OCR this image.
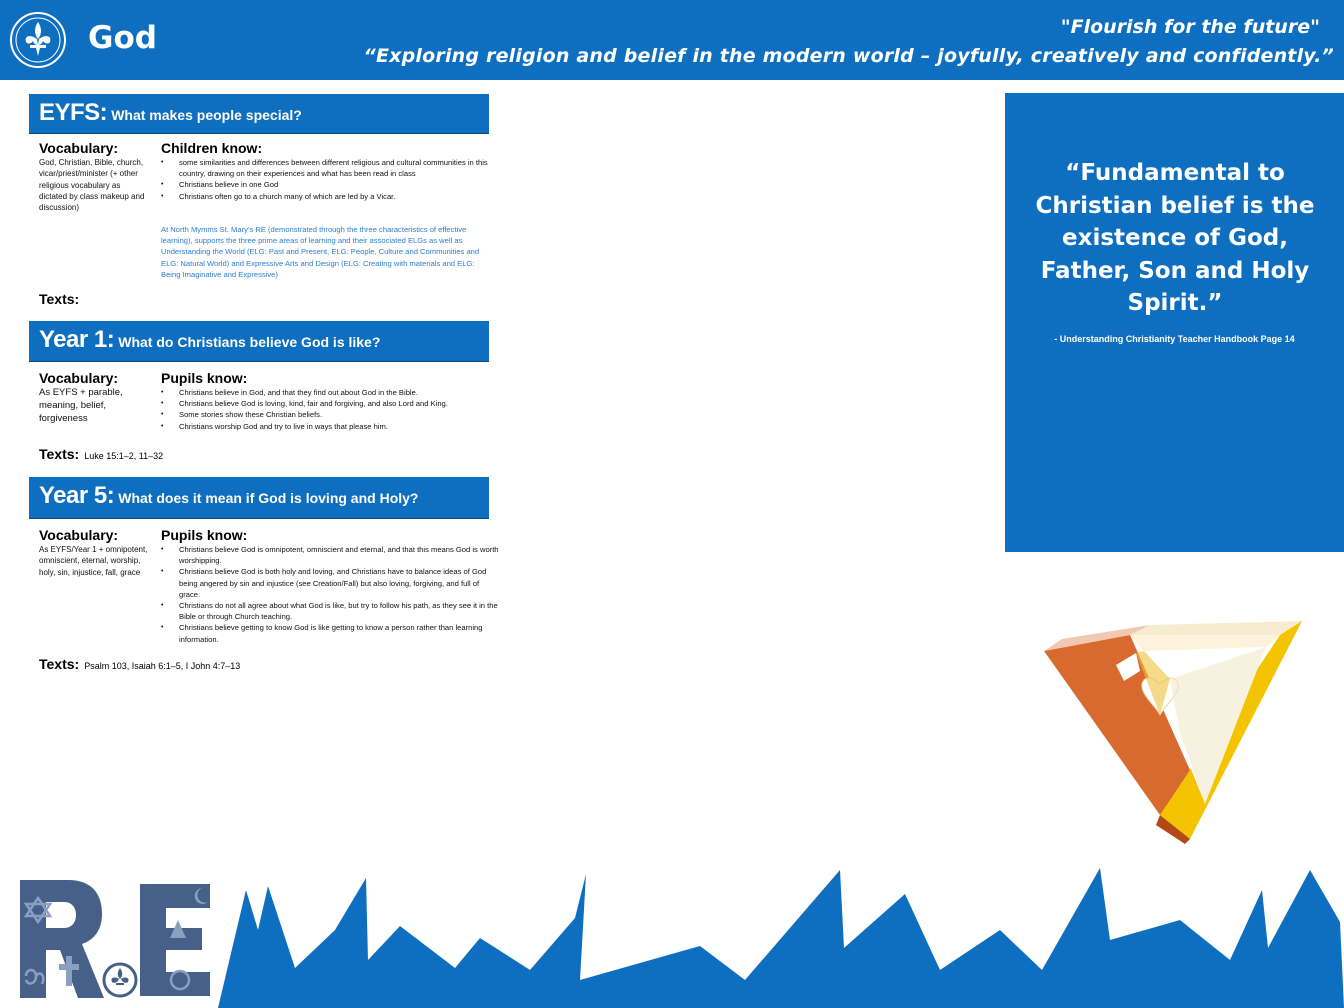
God	"Flourish for the future"
“Exploring religion and belief in the modern world – joyfully, creatively and confidently.”
EYFS: What makes people special?
Vocabulary:	Children know:
God, Christian, Bible, church, vicar/priest/minister (+ other religious vocabulary as dictated by class makeup and discussion)
• some similarities and differences between different religious and cultural communities in this country, drawing on their experiences and what has been read in class
• Christians believe in one God
• Christians often go to a church many of which are led by a Vicar.
At North Mymms St. Mary’s RE (demonstrated through the three characteristics of effective learning), supports the three prime areas of learning and their associated ELGs as well as Understanding the World (ELG: Past and Present, ELG: People, Culture and Communities and ELG: Natural World) and Expressive Arts and Design (ELG: Creating with materials and ELG: Being Imaginative and Expressive)
Texts:
Year 1: What do Christians believe God is like?
Vocabulary:	Pupils know:
As EYFS + parable, meaning, belief, forgiveness
• Christians believe in God, and that they find out about God in the Bible.
• Christians believe God is loving, kind, fair and forgiving, and also Lord and King.
• Some stories show these Christian beliefs.
• Christians worship God and try to live in ways that please him.
Texts: Luke 15:1–2, 11–32
Year 5: What does it mean if God is loving and Holy?
Vocabulary:	Pupils know:
As EYFS/Year 1 + omnipotent, omniscient, eternal, worship, holy, sin, injustice, fall, grace
• Christians believe God is omnipotent, omniscient and eternal, and that this means God is worth worshipping.
• Christians believe God is both holy and loving, and Christians have to balance ideas of God being angered by sin and injustice (see Creation/Fall) but also loving, forgiving, and full of grace.
• Christians do not all agree about what God is like, but try to follow his path, as they see it in the Bible or through Church teaching.
• Christians believe getting to know God is like getting to know a person rather than learning information.
Texts: Psalm 103, Isaiah 6:1–5, I John 4:7–13
“Fundamental to Christian belief is the existence of God, Father, Son and Holy Spirit.”
- Understanding Christianity Teacher Handbook Page 14
